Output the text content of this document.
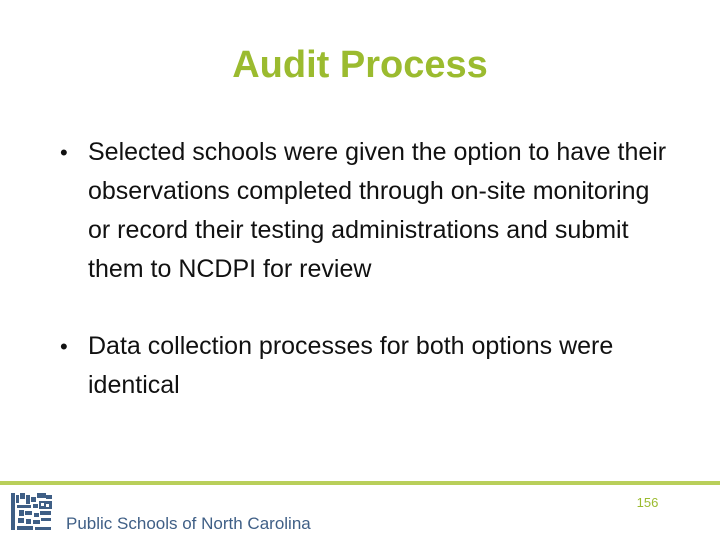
Audit Process
• Selected schools were given the option to have their observations completed through on-site monitoring or record their testing administrations and submit them to NCDPI for review
• Data collection processes for both options were identical
156
Public Schools of North Carolina
